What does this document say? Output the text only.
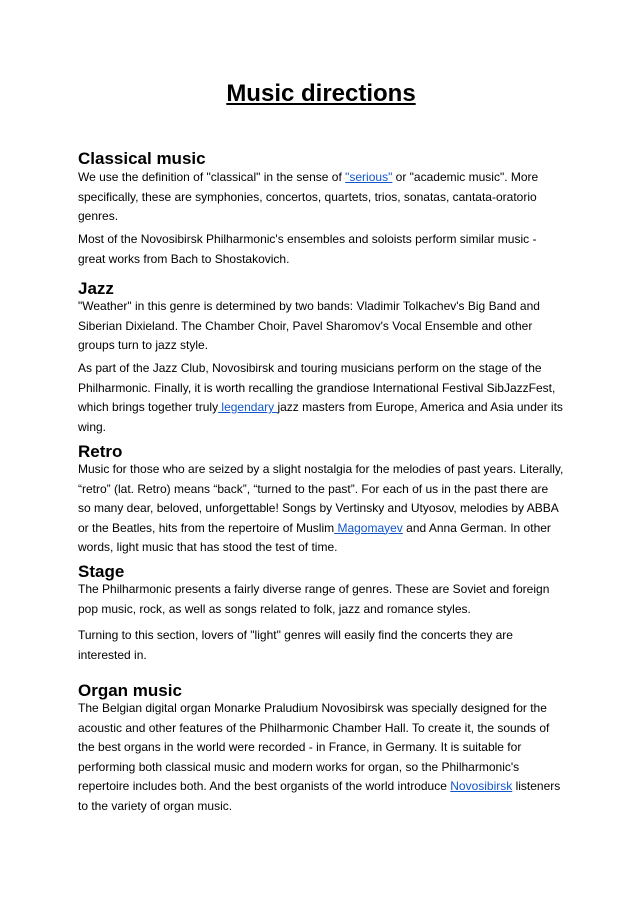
Music directions
Classical music

We use the definition of "classical" in the sense of "serious" or "academic music". More specifically, these are symphonies, concertos, quartets, trios, sonatas, cantata-oratorio genres.

Most of the Novosibirsk Philharmonic's ensembles and soloists perform similar music - great works from Bach to Shostakovich.

Jazz

"Weather" in this genre is determined by two bands: Vladimir Tolkachev's Big Band and Siberian Dixieland. The Chamber Choir, Pavel Sharomov's Vocal Ensemble and other groups turn to jazz style.

As part of the Jazz Club, Novosibirsk and touring musicians perform on the stage of the Philharmonic. Finally, it is worth recalling the grandiose International Festival SibJazzFest, which brings together truly legendary jazz masters from Europe, America and Asia under its wing.

Retro

Music for those who are seized by a slight nostalgia for the melodies of past years. Literally, “retro” (lat. Retro) means “back”, “turned to the past”. For each of us in the past there are so many dear, beloved, unforgettable! Songs by Vertinsky and Utyosov, melodies by ABBA or the Beatles, hits from the repertoire of Muslim Magomayev and Anna German. In other words, light music that has stood the test of time.

Stage

The Philharmonic presents a fairly diverse range of genres. These are Soviet and foreign pop music, rock, as well as songs related to folk, jazz and romance styles.

Turning to this section, lovers of "light" genres will easily find the concerts they are interested in.

Organ music

The Belgian digital organ Monarke Praludium Novosibirsk was specially designed for the acoustic and other features of the Philharmonic Chamber Hall. To create it, the sounds of the best organs in the world were recorded - in France, in Germany. It is suitable for performing both classical music and modern works for organ, so the Philharmonic's repertoire includes both. And the best organists of the world introduce Novosibirsk listeners to the variety of organ music.
